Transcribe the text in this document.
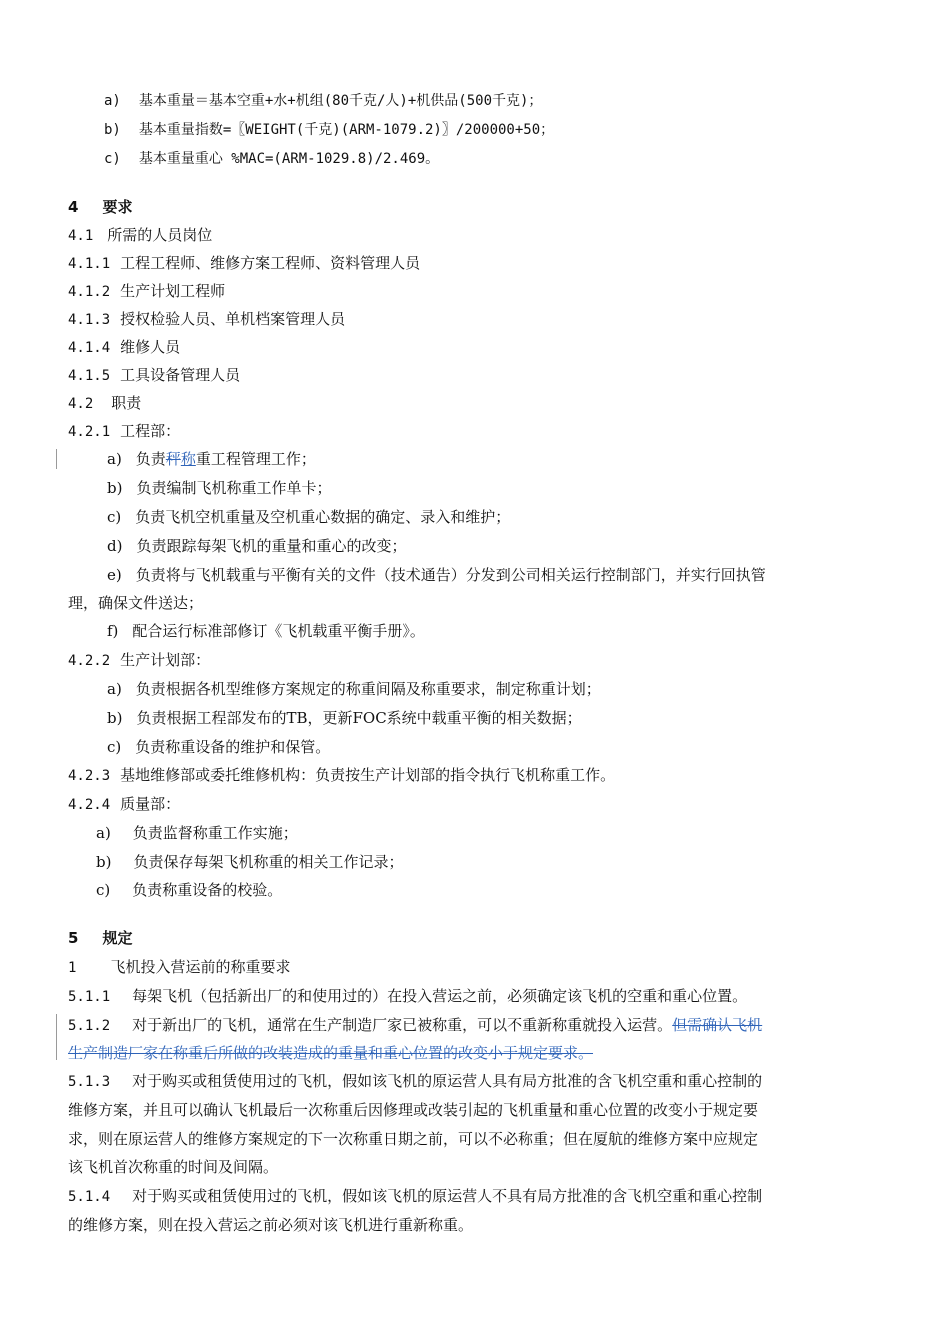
a) 基本重量＝基本空重+水+机组(80千克/人)+机供品(500千克)；
b) 基本重量指数=〖WEIGHT(千克)(ARM-1079.2)〗/200000+50；
c) 基本重量重心 %MAC=(ARM-1029.8)/2.469。
4 要求
4.1 所需的人员岗位
4.1.1 工程工程师、维修方案工程师、资料管理人员
4.1.2 生产计划工程师
4.1.3 授权检验人员、单机档案管理人员
4.1.4 维修人员
4.1.5 工具设备管理人员
4.2 职责
4.2.1 工程部：
a) 负责秤称重工程管理工作；
b) 负责编制飞机称重工作单卡；
c) 负责飞机空机重量及空机重心数据的确定、录入和维护；
d) 负责跟踪每架飞机的重量和重心的改变；
e) 负责将与飞机载重与平衡有关的文件（技术通告）分发到公司相关运行控制部门，并实行回执管
理，确保文件送达；
f) 配合运行标准部修订《飞机载重平衡手册》。
4.2.2 生产计划部：
a) 负责根据各机型维修方案规定的称重间隔及称重要求，制定称重计划；
b) 负责根据工程部发布的TB，更新FOC系统中载重平衡的相关数据；
c) 负责称重设备的维护和保管。
4.2.3 基地维修部或委托维修机构：负责按生产计划部的指令执行飞机称重工作。
4.2.4 质量部：
a) 负责监督称重工作实施；
b) 负责保存每架飞机称重的相关工作记录；
c) 负责称重设备的校验。
5 规定
1 飞机投入营运前的称重要求
5.1.1 每架飞机（包括新出厂的和使用过的）在投入营运之前，必须确定该飞机的空重和重心位置。
5.1.2 对于新出厂的飞机，通常在生产制造厂家已被称重，可以不重新称重就投入运营。但需确认飞机
生产制造厂家在称重后所做的改装造成的重量和重心位置的改变小于规定要求。
5.1.3 对于购买或租赁使用过的飞机，假如该飞机的原运营人具有局方批准的含飞机空重和重心控制的
维修方案，并且可以确认飞机最后一次称重后因修理或改装引起的飞机重量和重心位置的改变小于规定要
求，则在原运营人的维修方案规定的下一次称重日期之前，可以不必称重；但在厦航的维修方案中应规定
该飞机首次称重的时间及间隔。
5.1.4 对于购买或租赁使用过的飞机，假如该飞机的原运营人不具有局方批准的含飞机空重和重心控制
的维修方案，则在投入营运之前必须对该飞机进行重新称重。
